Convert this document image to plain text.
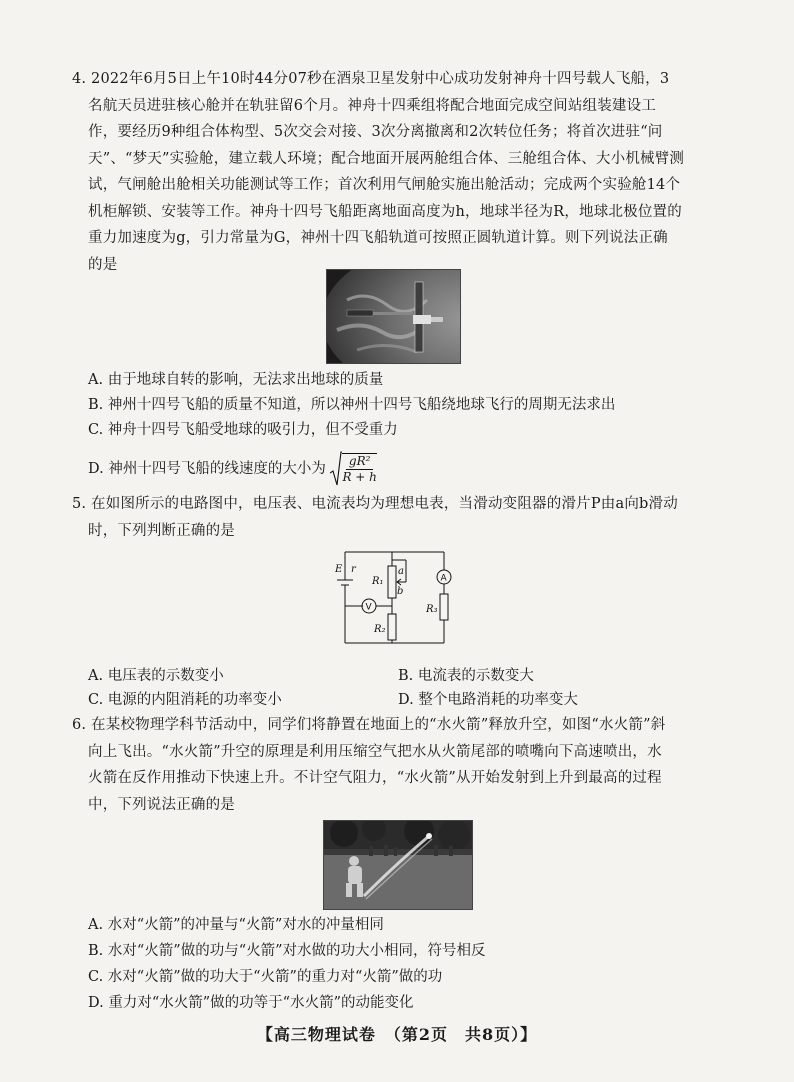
4. 2022年6月5日上午10时44分07秒在酒泉卫星发射中心成功发射神舟十四号载人飞船，3
名航天员进驻核心舱并在轨驻留6个月。神舟十四乘组将配合地面完成空间站组装建设工
作，要经历9种组合体构型、5次交会对接、3次分离撤离和2次转位任务；将首次进驻“问
天”、“梦天”实验舱，建立载人环境；配合地面开展两舱组合体、三舱组合体、大小机械臂测
试，气闸舱出舱相关功能测试等工作；首次利用气闸舱实施出舱活动；完成两个实验舱14个
机柜解锁、安装等工作。神舟十四号飞船距离地面高度为h，地球半径为R，地球北极位置的
重力加速度为g，引力常量为G，神州十四飞船轨道可按照正圆轨道计算。则下列说法正确
的是
A. 由于地球自转的影响，无法求出地球的质量
B. 神州十四号飞船的质量不知道，所以神州十四号飞船绕地球飞行的周期无法求出
C. 神舟十四号飞船受地球的吸引力，但不受重力
D. 神州十四号飞船的线速度的大小为 $\frac{\text{gR²}}{R + h}$
5. 在如图所示的电路图中，电压表、电流表均为理想电表，当滑动变阻器的滑片P由a向b滑动
时，下列判断正确的是
E r
R₁
a
b
R₂
R₃
V
A
A. 电压表的示数变小	B. 电流表的示数变大
C. 电源的内阻消耗的功率变小	D. 整个电路消耗的功率变大
6. 在某校物理学科节活动中，同学们将静置在地面上的“水火箭”释放升空，如图“水火箭”斜
向上飞出。“水火箭”升空的原理是利用压缩空气把水从火箭尾部的喷嘴向下高速喷出，水
火箭在反作用推动下快速上升。不计空气阻力，“水火箭”从开始发射到上升到最高的过程
中，下列说法正确的是
A. 水对“火箭”的冲量与“火箭”对水的冲量相同
B. 水对“火箭”做的功与“火箭”对水做的功大小相同，符号相反
C. 水对“火箭”做的功大于“火箭”的重力对“火箭”做的功
D. 重力对“水火箭”做的功等于“水火箭”的动能变化
【高三物理试卷　（第2页　共8页）】
